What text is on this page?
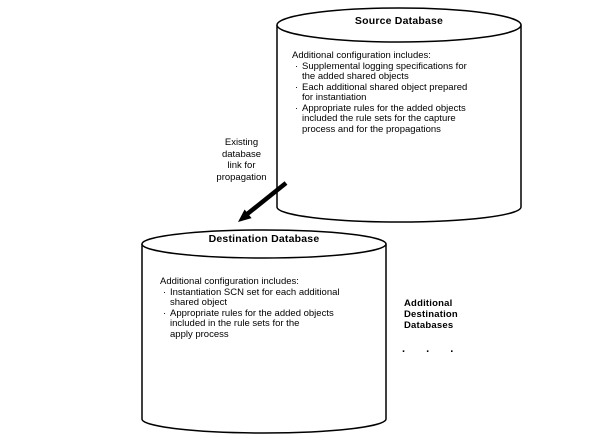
Source Database
Additional configuration includes:
· Supplemental logging specifications for
the added shared objects
· Each additional shared object prepared
for instantiation
· Appropriate rules for the added objects
included the rule sets for the capture
process and for the propagations
Existing
database
link for
propagation
Destination Database
Additional configuration includes:
· Instantiation SCN set for each additional
shared object
· Appropriate rules for the added objects
included in the rule sets for the
apply process
Additional
Destination
Databases
. . .
